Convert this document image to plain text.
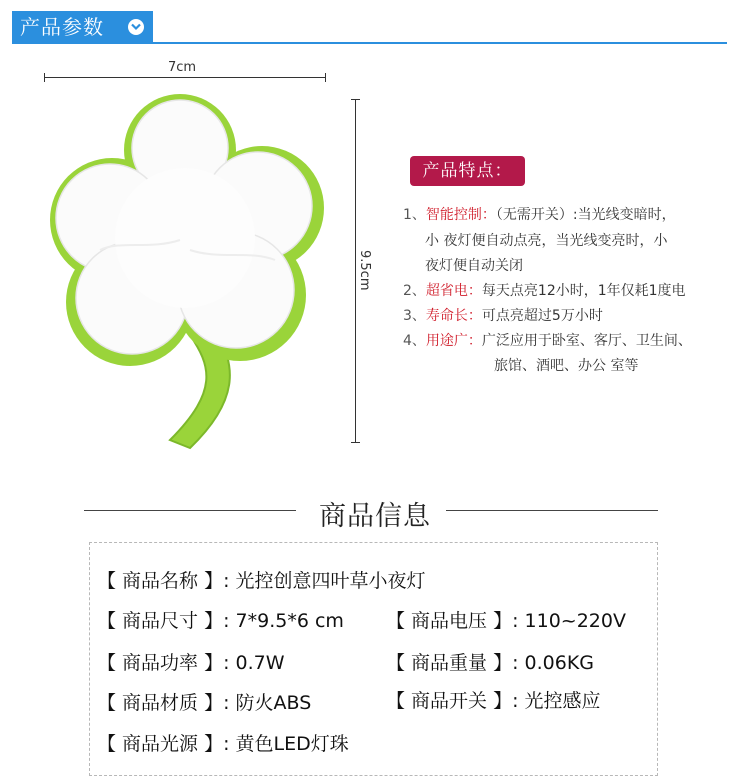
产品参数
7cm
9.5cm
产品特点：
1、智能控制：（无需开关）:当光线变暗时，
小 夜灯便自动点亮，当光线变亮时，小
夜灯便自动关闭
2、超省电：每天点亮12小时，1年仅耗1度电
3、寿命长：可点亮超过5万小时
4、用途广：广泛应用于卧室、客厅、卫生间、
旅馆、酒吧、办公 室等
商品信息
【 商品名称 】: 光控创意四叶草小夜灯
【 商品尺寸 】: 7*9.5*6 cm 【 商品电压 】: 110~220V
【 商品功率 】: 0.7W	【 商品重量 】: 0.06KG
【 商品材质 】: 防火ABS	【 商品开关 】: 光控感应
【 商品光源 】: 黄色LED灯珠
